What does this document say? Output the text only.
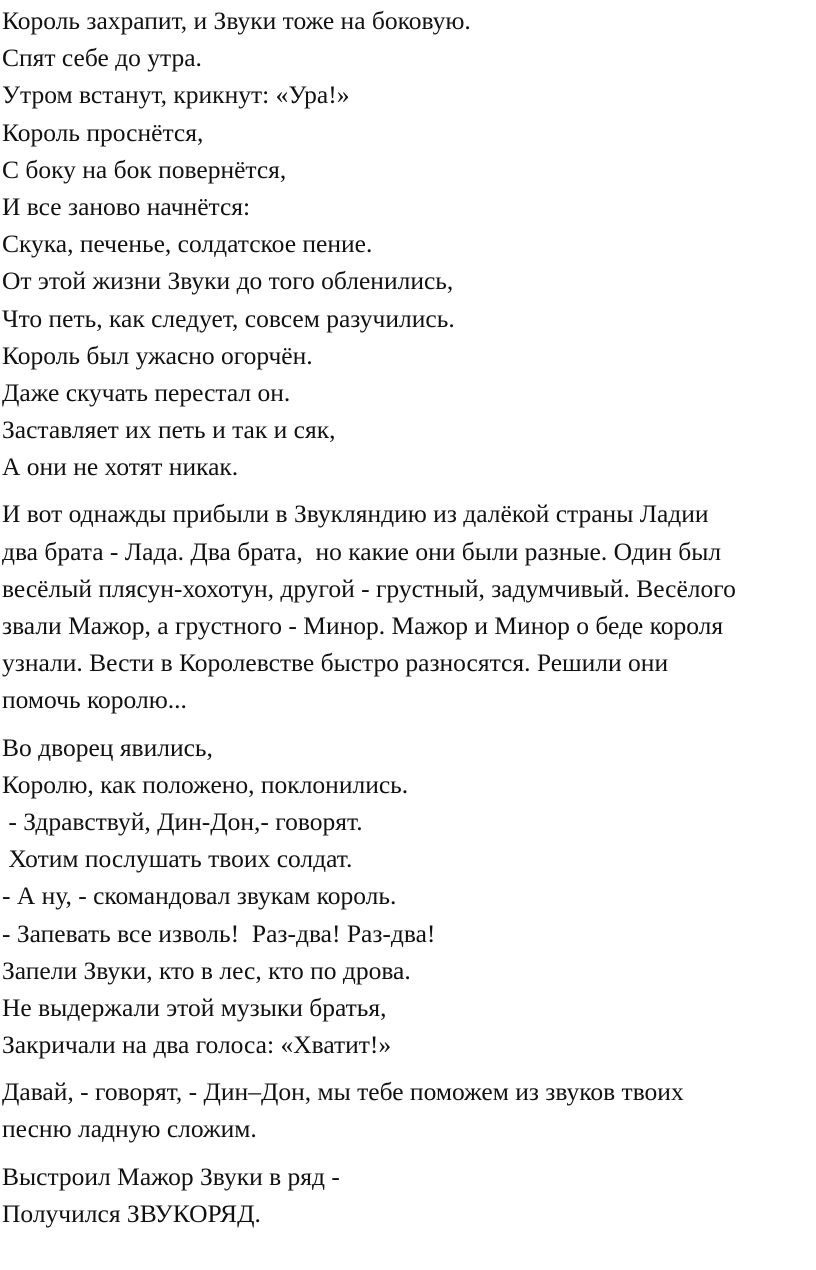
Король захрапит, и Звуки тоже на боковую.
Спят себе до утра.
Утром встанут, крикнут: «Ура!»
Король проснётся,
С боку на бок повернётся,
И все заново начнётся:
Скука, печенье, солдатское пение.
От этой жизни Звуки до того обленились,
Что петь, как следует, совсем разучились.
Король был ужасно огорчён.
Даже скучать перестал он.
Заставляет их петь и так и сяк,
А они не хотят никак.
И вот однажды прибыли в Звукляндию из далёкой страны Ладии
два брата - Лада. Два брата,  но какие они были разные. Один был
весёлый плясун-хохотун, другой - грустный, задумчивый. Весёлого
звали Мажор, а грустного - Минор. Мажор и Минор о беде короля
узнали. Вести в Королевстве быстро разносятся. Решили они
помочь королю...
Во дворец явились,
Королю, как положено, поклонились.
- Здравствуй, Дин-Дон,- говорят.
Хотим послушать твоих солдат.
- А ну, - скомандовал звукам король.
- Запевать все изволь!  Раз-два! Раз-два!
Запели Звуки, кто в лес, кто по дрова.
Не выдержали этой музыки братья,
Закричали на два голоса: «Хватит!»
Давай, - говорят, - Дин–Дон, мы тебе поможем из звуков твоих
песню ладную сложим.
Выстроил Мажор Звуки в ряд -
Получился ЗВУКОРЯД.
